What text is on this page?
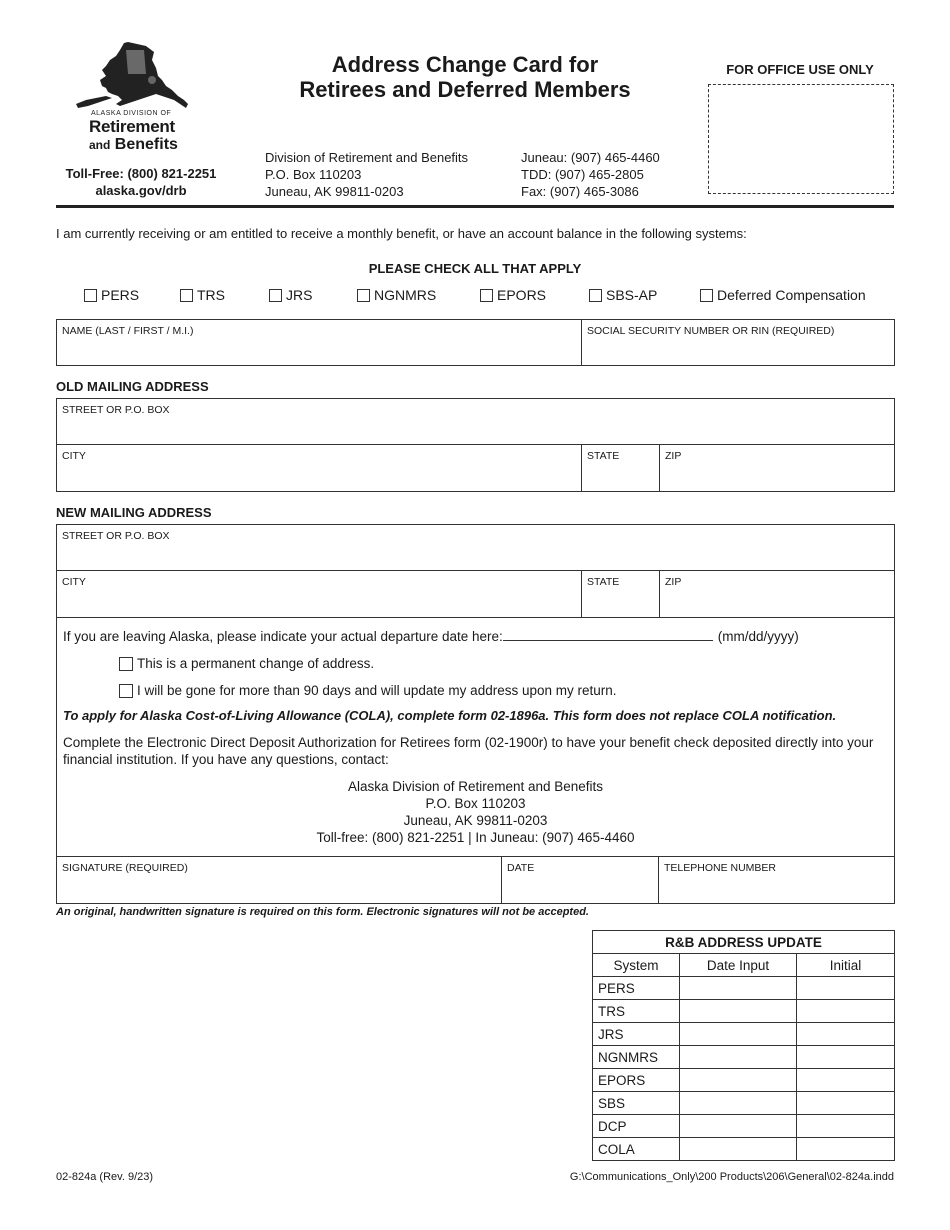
ALASKA DIVISION OF
Retirement
and Benefits
Toll-Free: (800) 821-2251
alaska.gov/drb
Address Change Card for
Retirees and Deferred Members
Division of Retirement and Benefits
P.O. Box 110203
Juneau, AK 99811-0203
Juneau: (907) 465-4460
TDD: (907) 465-2805
Fax: (907) 465-3086
FOR OFFICE USE ONLY
I am currently receiving or am entitled to receive a monthly benefit, or have an account balance in the following systems:
PLEASE CHECK ALL THAT APPLY
PERS	TRS	JRS	NGNMRS	EPORS	SBS-AP	Deferred Compensation
NAME (LAST / FIRST / M.I.)	SOCIAL SECURITY NUMBER OR RIN (REQUIRED)
OLD MAILING ADDRESS
STREET OR P.O. BOX
CITY	STATE	ZIP
NEW MAILING ADDRESS
STREET OR P.O. BOX
CITY	STATE	ZIP
If you are leaving Alaska, please indicate your actual departure date here:	(mm/dd/yyyy)
This is a permanent change of address.
I will be gone for more than 90 days and will update my address upon my return.
To apply for Alaska Cost-of-Living Allowance (COLA), complete form 02-1896a. This form does not replace COLA notification.
Complete the Electronic Direct Deposit Authorization for Retirees form (02-1900r) to have your benefit check deposited directly into your financial institution. If you have any questions, contact:
Alaska Division of Retirement and Benefits
P.O. Box 110203
Juneau, AK 99811-0203
Toll-free: (800) 821-2251 | In Juneau: (907) 465-4460
SIGNATURE (REQUIRED)	DATE	TELEPHONE NUMBER
An original, handwritten signature is required on this form. Electronic signatures will not be accepted.
R&B ADDRESS UPDATE		
System	Date Input	Initial
PERS		
TRS		
JRS		
NGNMRS		
EPORS		
SBS		
DCP		
COLA		
02-824a (Rev. 9/23)	G:\Communications_Only\200 Products\206\General\02-824a.indd
